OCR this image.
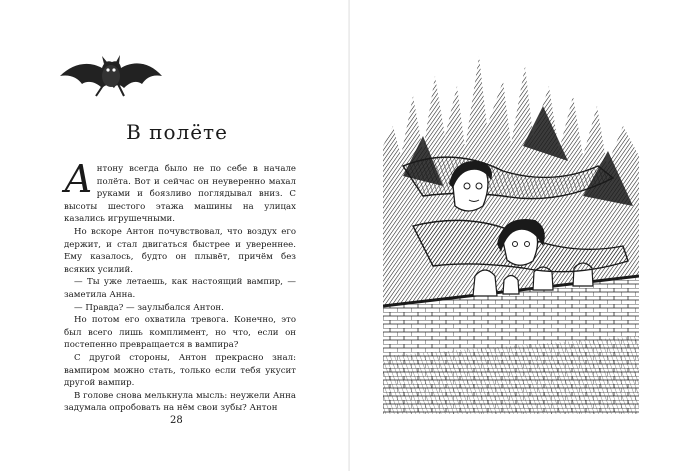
В полёте

Антону всегда было не по себе в начале полёта. Вот и сейчас он неуверенно махал руками и боязливо поглядывал вниз. С высоты шестого этажа машины на улицах казались игрушечными.

Но вскоре Антон почувствовал, что воздух его держит, и стал двигаться быстрее и увереннее. Ему казалось, будто он плывёт, причём без всяких усилий.

— Ты уже летаешь, как настоящий вампир, — заметила Анна.

— Правда? — заулыбался Антон.

Но потом его охватила тревога. Конечно, это был всего лишь комплимент, но что, если он постепенно превращается в вампира?

С другой стороны, Антон прекрасно знал: вампиром можно стать, только если тебя укусит другой вампир.

В голове снова мелькнула мысль: неужели Анна задумала опробовать на нём свои зубы? Антон

28
